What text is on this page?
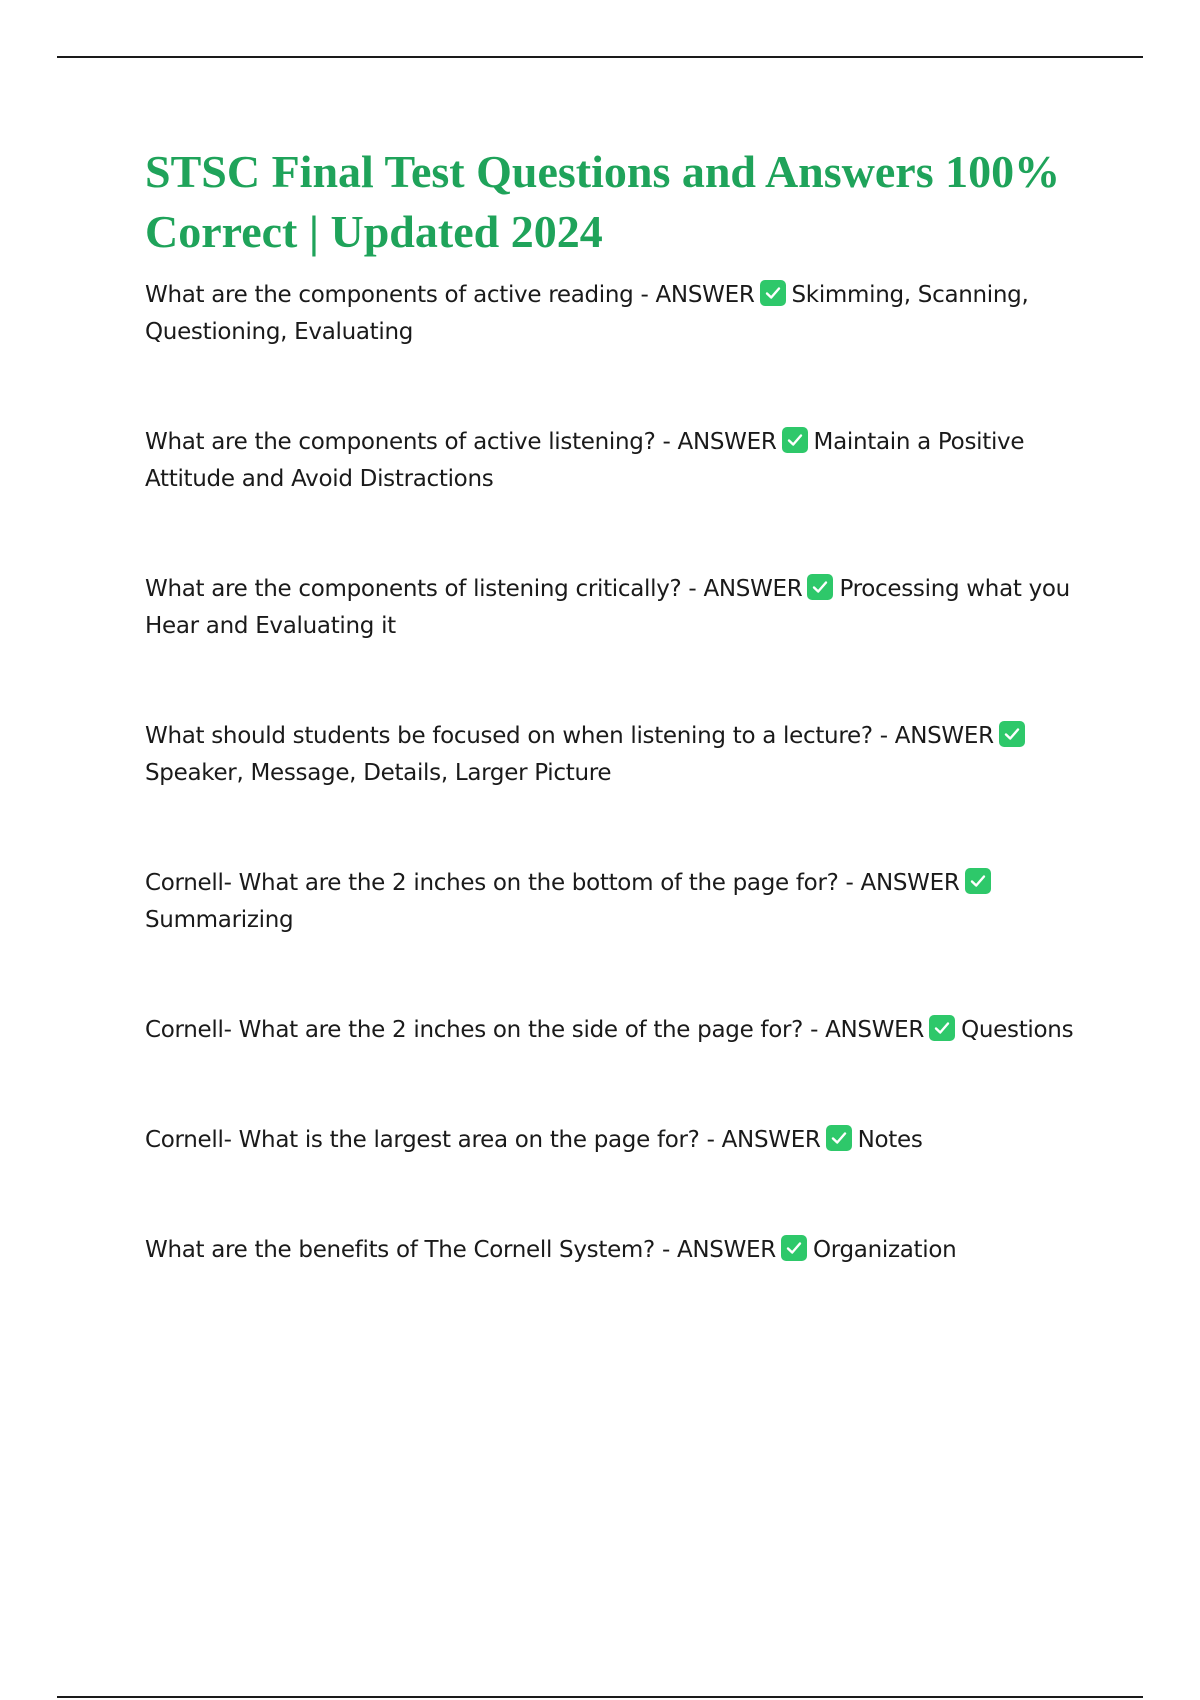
STSC Final Test Questions and Answers 100% Correct | Updated 2024
What are the components of active reading - ANSWER Skimming, Scanning, Questioning, Evaluating
What are the components of active listening? - ANSWER Maintain a Positive Attitude and Avoid Distractions
What are the components of listening critically? - ANSWER Processing what you Hear and Evaluating it
What should students be focused on when listening to a lecture? - ANSWER
Speaker, Message, Details, Larger Picture
Cornell- What are the 2 inches on the bottom of the page for? - ANSWER
Summarizing
Cornell- What are the 2 inches on the side of the page for? - ANSWER Questions
Cornell- What is the largest area on the page for? - ANSWER Notes
What are the benefits of The Cornell System? - ANSWER Organization
